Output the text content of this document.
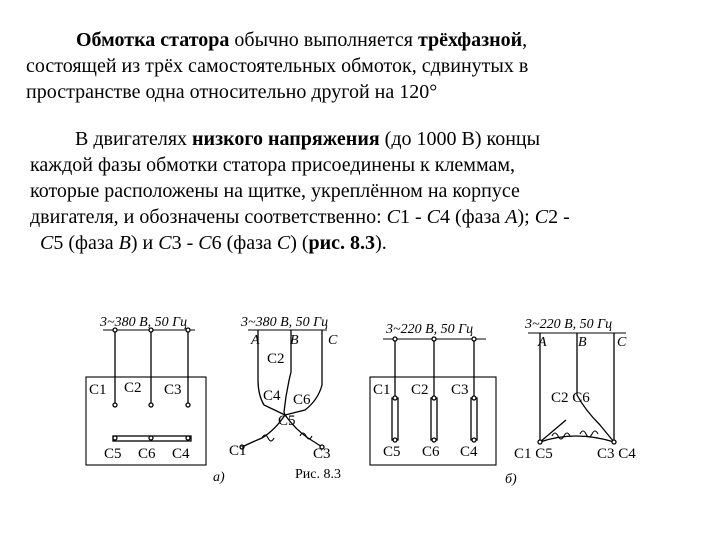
Обмотка статора обычно выполняется трёхфазной,
состоящей из трёх самостоятельных обмоток, сдвинутых в
пространстве одна относительно другой на 120°
В двигателях низкого напряжения (до 1000 В) концы
каждой фазы обмотки статора присоединены к клеммам,
которые расположены на щитке, укреплённом на корпусе
двигателя, и обозначены соответственно: С1 - С4 (фаза А); С2 -
С5 (фаза В) и С3 - С6 (фаза С) (рис. 8.3).
3~380 В, 50 Гц	3~380 В, 50 Гц	3~220 В, 50 Гц	3~220 В, 50 Гц
А В С	А В С
C1 C2 C3
C5 C6 C4
C2
C4 C6
C5
C1	C3
а)	Рис. 8.3
C1 C2 C3
C5 C6 C4
C2 C6
C1 C5	C3 C4
б)
